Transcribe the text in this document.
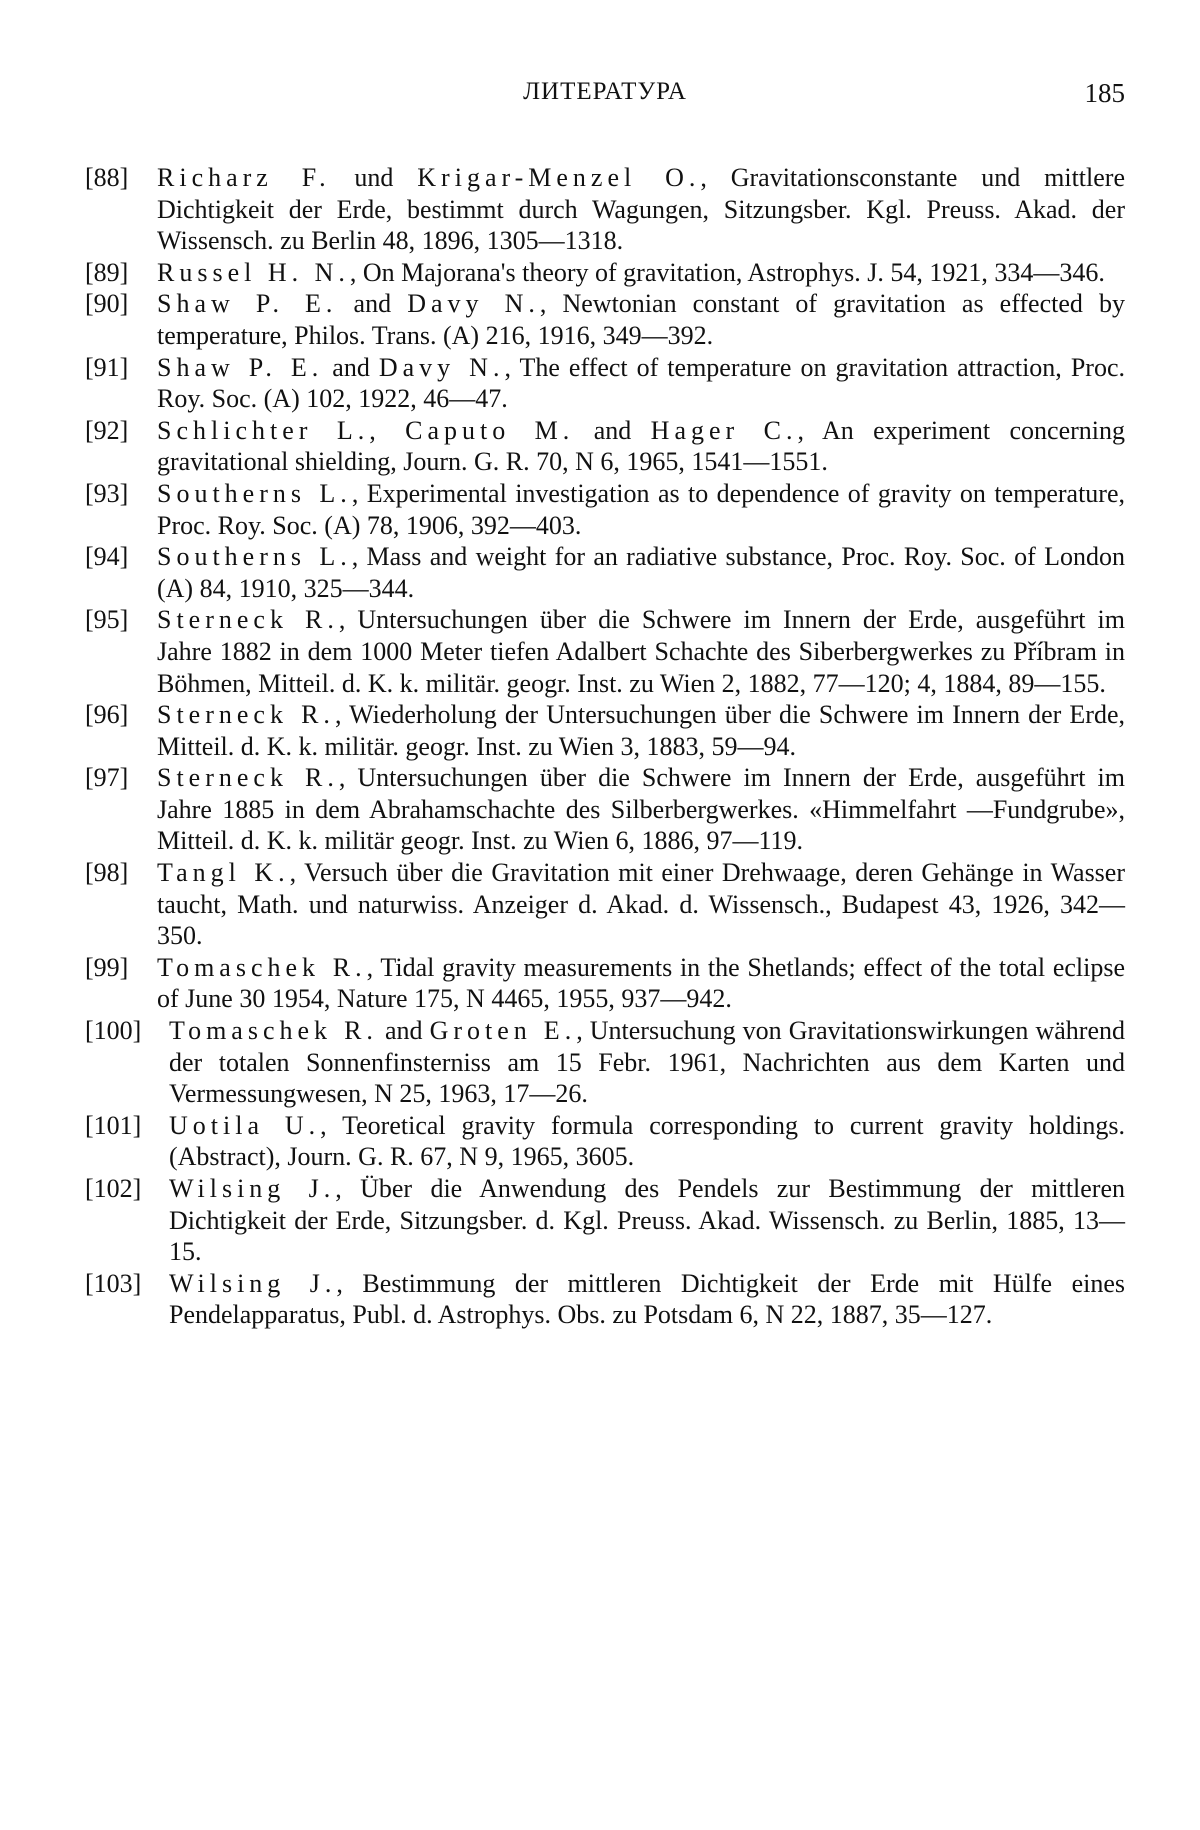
ЛИТЕРАТУРА	185
[88]	Richarz F. und Krigar-Menzel O., Gravitationsconstante und mittlere Dichtigkeit der Erde, bestimmt durch Wagungen, Sitzungsber. Kgl. Preuss. Akad. der Wissensch. zu Berlin 48, 1896, 1305—1318.
[89]	Russel H. N., On Majorana's theory of gravitation, Astrophys. J. 54, 1921, 334—346.
[90]	Shaw P. E. and Davy N., Newtonian constant of gravitation as effected by temperature, Philos. Trans. (A) 216, 1916, 349—392.
[91]	Shaw P. E. and Davy N., The effect of temperature on gravitation attraction, Proc. Roy. Soc. (A) 102, 1922, 46—47.
[92]	Schlichter L., Caputo M. and Hager C., An experiment concerning gravitational shielding, Journ. G. R. 70, N 6, 1965, 1541—1551.
[93]	Southerns L., Experimental investigation as to dependence of gravity on temperature, Proc. Roy. Soc. (A) 78, 1906, 392—403.
[94]	Southerns L., Mass and weight for an radiative substance, Proc. Roy. Soc. of London (A) 84, 1910, 325—344.
[95]	Sterneck R., Untersuchungen über die Schwere im Innern der Erde, ausgeführt im Jahre 1882 in dem 1000 Meter tiefen Adalbert Schachte des Siberbergwerkes zu Příbram in Böhmen, Mitteil. d. K. k. militär. geogr. Inst. zu Wien 2, 1882, 77—120; 4, 1884, 89—155.
[96]	Sterneck R., Wiederholung der Untersuchungen über die Schwere im Innern der Erde, Mitteil. d. K. k. militär. geogr. Inst. zu Wien 3, 1883, 59—94.
[97]	Sterneck R., Untersuchungen über die Schwere im Innern der Erde, ausgeführt im Jahre 1885 in dem Abrahamschachte des Silberbergwerkes. «Himmelfahrt —Fundgrube», Mitteil. d. K. k. militär geogr. Inst. zu Wien 6, 1886, 97—119.
[98]	Tangl K., Versuch über die Gravitation mit einer Drehwaage, deren Gehänge in Wasser taucht, Math. und naturwiss. Anzeiger d. Akad. d. Wissensch., Budapest 43, 1926, 342—350.
[99]	Tomaschek R., Tidal gravity measurements in the Shetlands; effect of the total eclipse of June 30 1954, Nature 175, N 4465, 1955, 937—942.
[100]	Tomaschek R. and Groten E., Untersuchung von Gravitationswirkungen während der totalen Sonnenfinsterniss am 15 Febr. 1961, Nachrichten aus dem Karten und Vermessungwesen, N 25, 1963, 17—26.
[101]	Uotila U., Teoretical gravity formula corresponding to current gravity holdings. (Abstract), Journ. G. R. 67, N 9, 1965, 3605.
[102]	Wilsing J., Über die Anwendung des Pendels zur Bestimmung der mittleren Dichtigkeit der Erde, Sitzungsber. d. Kgl. Preuss. Akad. Wissensch. zu Berlin, 1885, 13—15.
[103]	Wilsing J., Bestimmung der mittleren Dichtigkeit der Erde mit Hülfe eines Pendelapparatus, Publ. d. Astrophys. Obs. zu Potsdam 6, N 22, 1887, 35—127.
